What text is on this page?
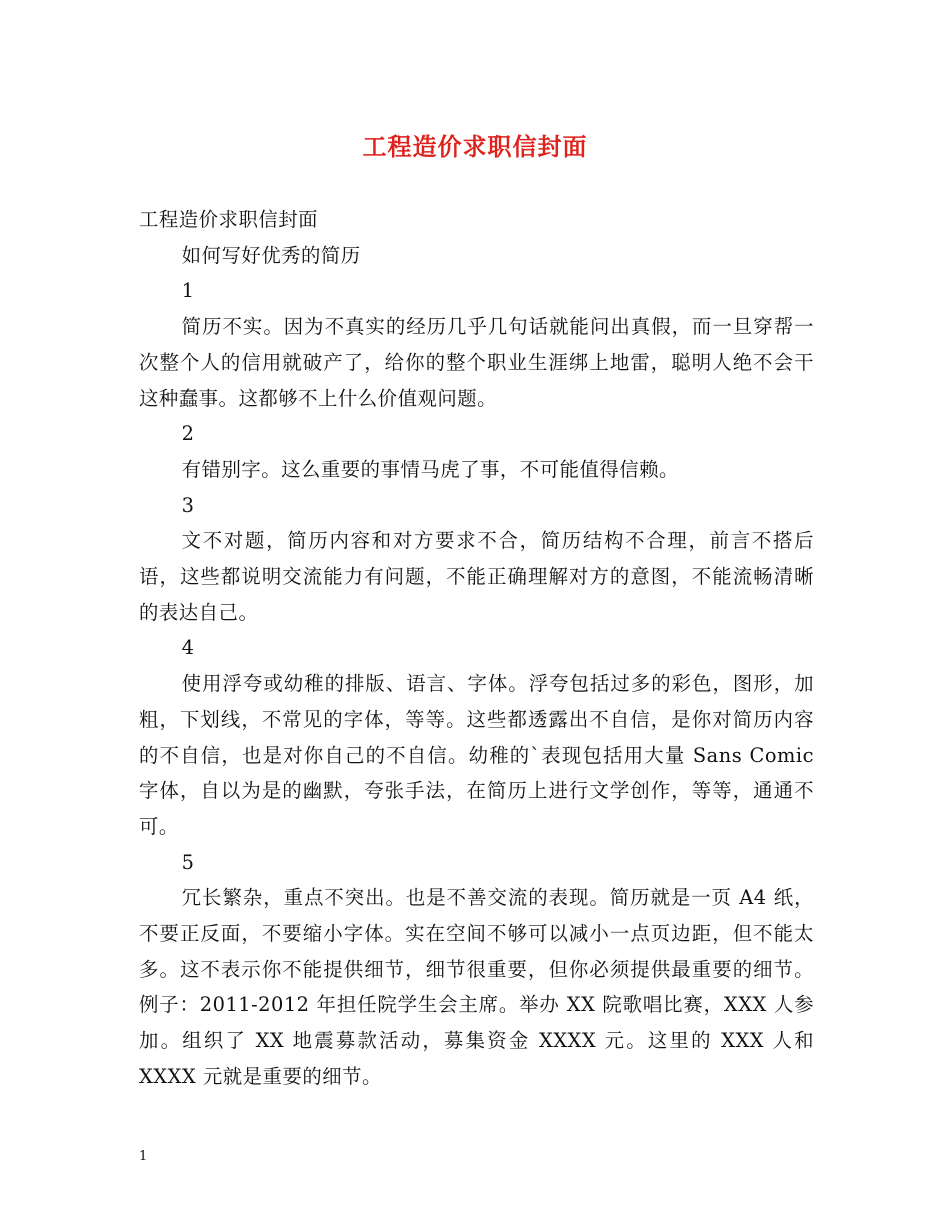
工程造价求职信封面

工程造价求职信封面

如何写好优秀的简历

1

简历不实。因为不真实的经历几乎几句话就能问出真假，而一旦穿帮一次整个人的信用就破产了，给你的整个职业生涯绑上地雷，聪明人绝不会干这种蠢事。这都够不上什么价值观问题。

2

有错别字。这么重要的事情马虎了事，不可能值得信赖。

3

文不对题，简历内容和对方要求不合，简历结构不合理，前言不搭后语，这些都说明交流能力有问题，不能正确理解对方的意图，不能流畅清晰的表达自己。

4

使用浮夸或幼稚的排版、语言、字体。浮夸包括过多的彩色，图形，加粗，下划线，不常见的字体，等等。这些都透露出不自信，是你对简历内容的不自信，也是对你自己的不自信。幼稚的`表现包括用大量 Sans Comic 字体，自以为是的幽默，夸张手法，在简历上进行文学创作，等等，通通不可。

5

冗长繁杂，重点不突出。也是不善交流的表现。简历就是一页 A4 纸，不要正反面，不要缩小字体。实在空间不够可以减小一点页边距，但不能太多。这不表示你不能提供细节，细节很重要，但你必须提供最重要的细节。例子：2011-2012 年担任院学生会主席。举办 XX 院歌唱比赛，XXX 人参加。组织了 XX 地震募款活动，募集资金 XXXX 元。这里的 XXX 人和 XXXX 元就是重要的细节。

1
